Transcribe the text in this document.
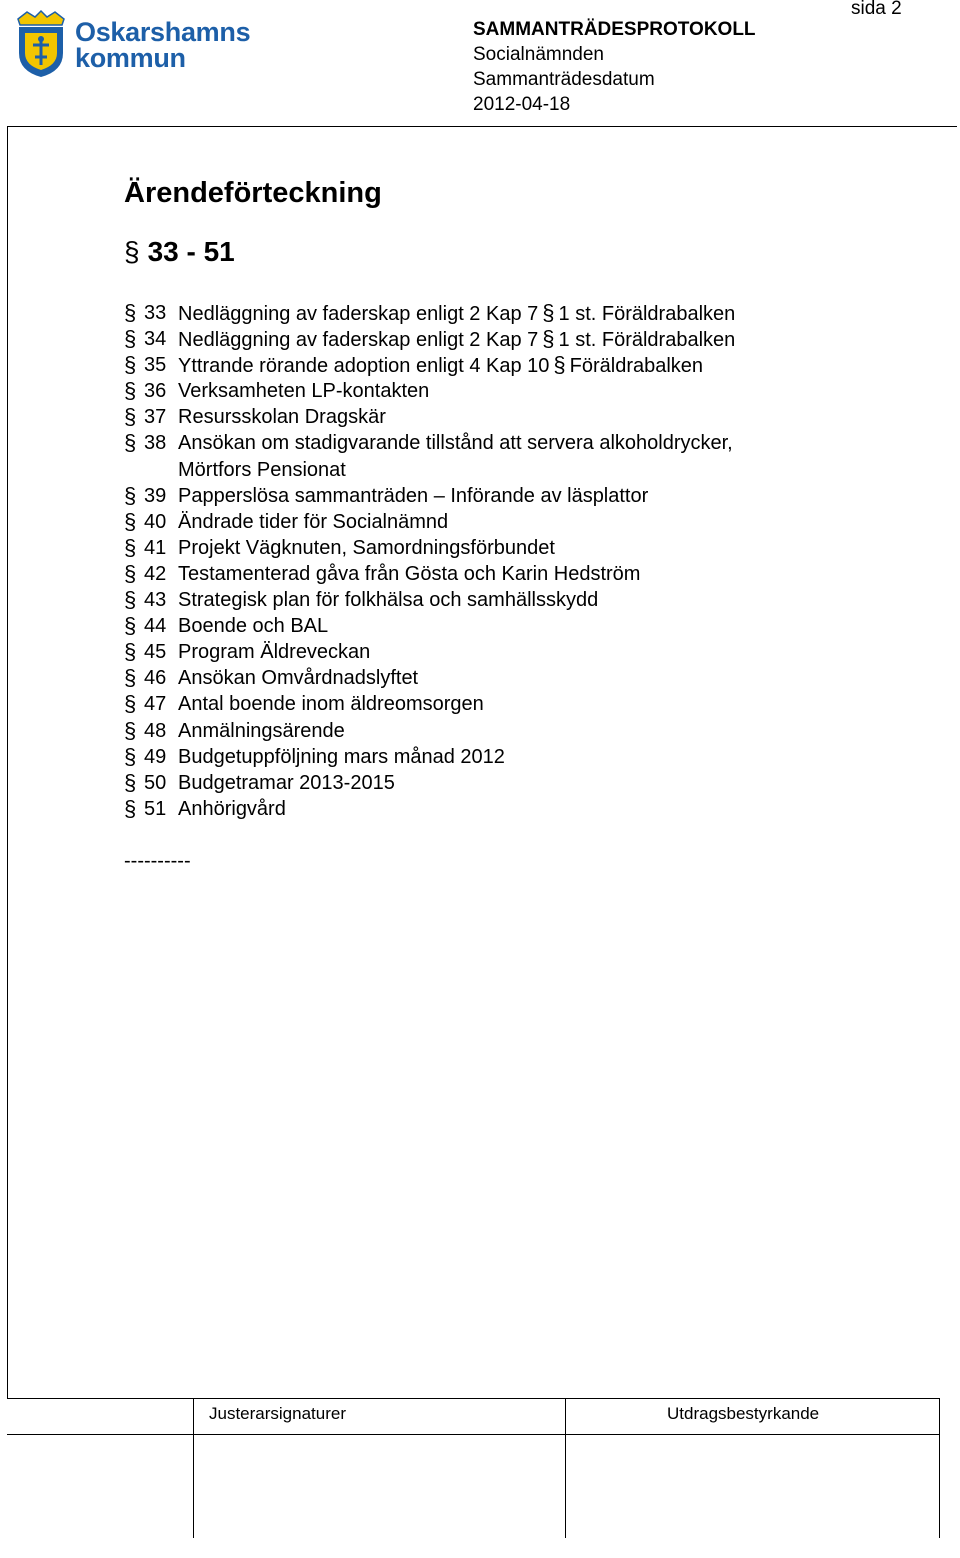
sida 2
Oskarshamns
kommun
SAMMANTRÄDESPROTOKOLL
Socialnämnden
Sammanträdesdatum
2012-04-18
Ärendeförteckning
§ 33 - 51
§ 33 Nedläggning av faderskap enligt 2 Kap 7 § 1 st. Föräldrabalken
§ 34 Nedläggning av faderskap enligt 2 Kap 7 § 1 st. Föräldrabalken
§ 35 Yttrande rörande adoption enligt 4 Kap 10 § Föräldrabalken
§ 36 Verksamheten LP-kontakten
§ 37 Resursskolan Dragskär
§ 38 Ansökan om stadigvarande tillstånd att servera alkoholdrycker,
Mörtfors Pensionat
§ 39 Papperslösa sammanträden – Införande av läsplattor
§ 40 Ändrade tider för Socialnämnd
§ 41 Projekt Vägknuten, Samordningsförbundet
§ 42 Testamenterad gåva från Gösta och Karin Hedström
§ 43 Strategisk plan för folkhälsa och samhällsskydd
§ 44 Boende och BAL
§ 45 Program Äldreveckan
§ 46 Ansökan Omvårdnadslyftet
§ 47 Antal boende inom äldreomsorgen
§ 48 Anmälningsärende
§ 49 Budgetuppföljning mars månad 2012
§ 50 Budgetramar 2013-2015
§ 51 Anhörigvård
----------
Justerarsignaturer	Utdragsbestyrkande
